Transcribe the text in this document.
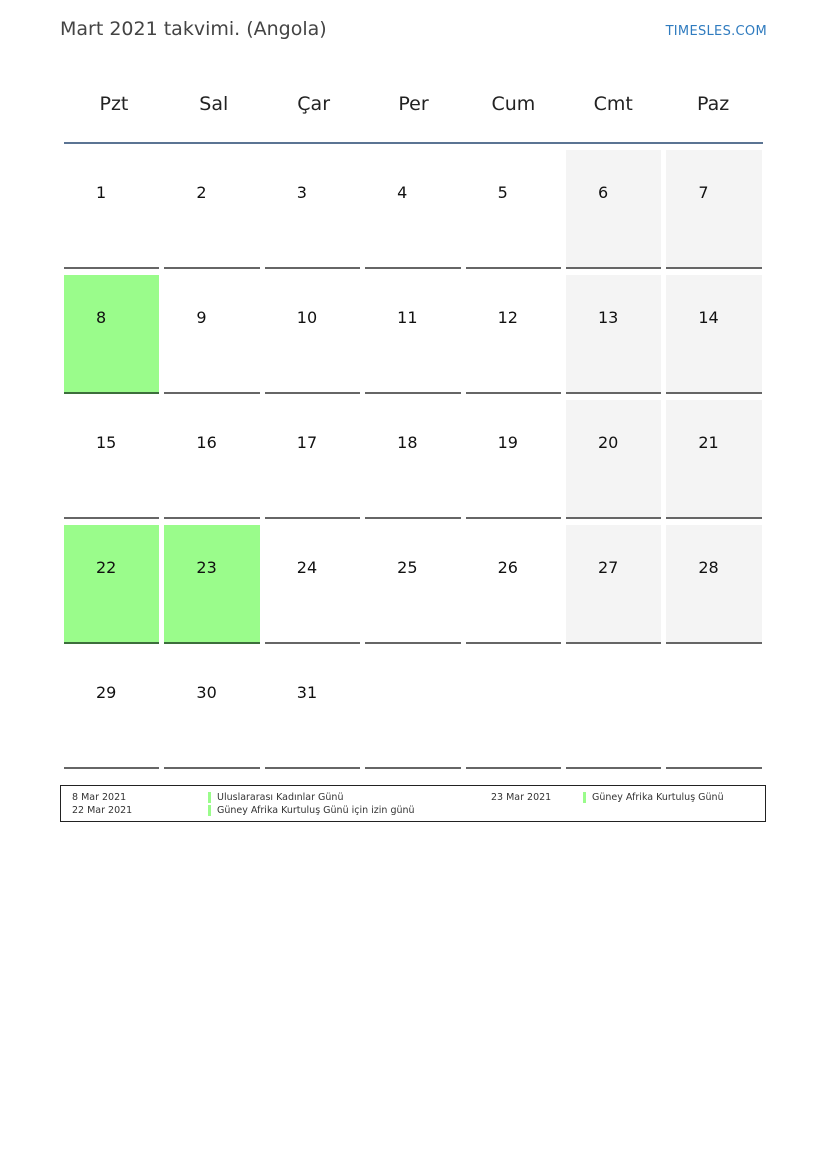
Mart 2021 takvimi. (Angola)	TIMESLES.COM
Pzt	Sal	Çar	Per	Cum	Cmt	Paz
1	2	3	4	5	6	7
8	9	10	11	12	13	14
15	16	17	18	19	20	21
22	23	24	25	26	27	28
29	30	31
8 Mar 2021	Uluslararası Kadınlar Günü
22 Mar 2021	Güney Afrika Kurtuluş Günü için izin günü
23 Mar 2021	Güney Afrika Kurtuluş Günü
